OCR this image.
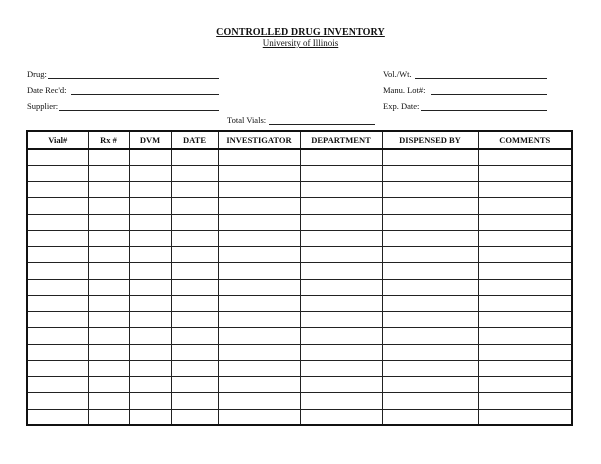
CONTROLLED DRUG INVENTORY
University of Illinois
Drug:
Date Rec'd:
Supplier:
Vol./Wt.
Manu. Lot#:
Exp. Date:
Total Vials:
Vial#	Rx #	DVM	DATE	INVESTIGATOR	DEPARTMENT	DISPENSED BY	COMMENTS
